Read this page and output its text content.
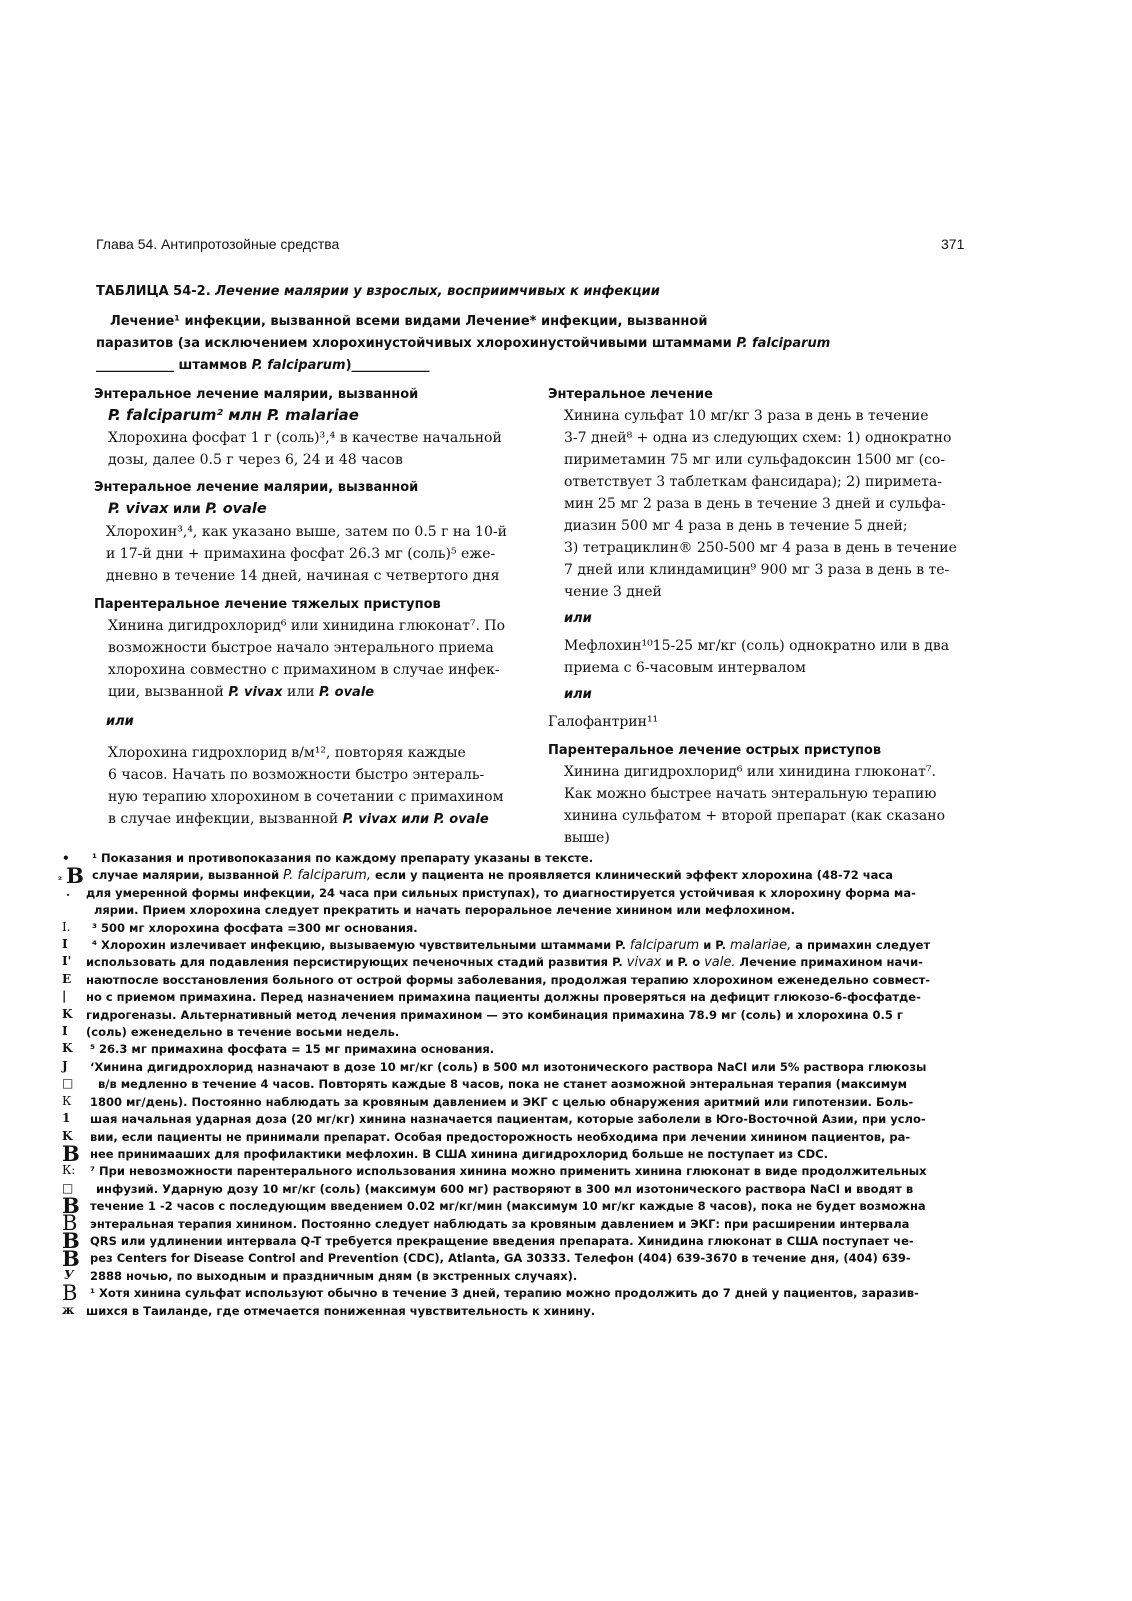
Глава 54. Антипротозойные средства	371
ТАБЛИЦА 54-2. Лечение малярии у взрослых, восприимчивых к инфекции
Лечение¹ инфекции, вызванной всеми видами Лечение* инфекции, вызванной
паразитов (за исключением хлорохинустойчивых хлорохинустойчивыми штаммами P. falciparum
____________ штаммов P. falciparum)____________
Энтеральное лечение малярии, вызванной
P. falciparum² млн P. malariae

Хлорохина фосфат 1 г (соль)³,⁴ в качестве начальной

дозы, далее 0.5 г через 6, 24 и 48 часов

Энтеральное лечение малярии, вызванной
P. vivax или P. ovale

Хлорохин³,⁴, как указано выше, затем по 0.5 г на 10-й

и 17-й дни + примахина фосфат 26.3 мг (соль)⁵ еже-

дневно в течение 14 дней, начиная с четвертого дня

Парентеральное лечение тяжелых приступов

Хинина дигидрохлорид⁶ или хинидина глюконат⁷. По

возможности быстрое начало энтерального приема

хлорохина совместно с примахином в случае инфек-

ции, вызванной P. vivax или P. ovale

или

Хлорохина гидрохлорид в/м¹², повторяя каждые

6 часов. Начать по возможности быстро энтераль-

ную терапию хлорохином в сочетании с примахином

в случае инфекции, вызванной P. vivax или P. ovale

Энтеральное лечение

Хинина сульфат 10 мг/кг 3 раза в день в течение

3-7 дней⁸ + одна из следующих схем: 1) однократно

пириметамин 75 мг или сульфадоксин 1500 мг (со-

ответствует 3 таблеткам фансидара); 2) пиримета-

мин 25 мг 2 раза в день в течение 3 дней и сульфа-

диазин 500 мг 4 раза в день в течение 5 дней;

3) тетрациклин® 250-500 мг 4 раза в день в течение

7 дней или клиндамицин⁹ 900 мг 3 раза в день в те-

чение 3 дней

или

Мефлохин¹⁰15-25 мг/кг (соль) однократно или в два

приема с 6-часовым интервалом

или
Галофантрин¹¹
Парентеральное лечение острых приступов

Хинина дигидрохлорид⁶ или хинидина глюконат⁷.

Как можно быстрее начать энтеральную терапию

хинина сульфатом + второй препарат (как сказано

выше)

•
² В
.
I.
I
I'
E
|
K
I
K
J
□
К
1
K
В
К:
□
В
В
В
В
У
В
ж
¹ Показания и противопоказания по каждому препарату указаны в тексте.
случае малярии, вызванной P. falciparum, если у пациента не проявляется клинический эффект хлорохина (48-72 часа
для умеренной формы инфекции, 24 часа при сильных приступах), то диагностируется устойчивая к хлорохину форма ма-
лярии. Прием хлорохина следует прекратить и начать пероральное лечение хинином или мефлохином.
³ 500 мг хлорохина фосфата =300 мг основания.
⁴ Хлорохин излечивает инфекцию, вызываемую чувствительными штаммами P. falciparum и P. malariae, а примахин следует
использовать для подавления персистирующих печеночных стадий развития P. vivax и P. о vale. Лечение примахином начи-
наютпосле восстановления больного от острой формы заболевания, продолжая терапию хлорохином еженедельно совмест-
но с приемом примахина. Перед назначением примахина пациенты должны проверяться на дефицит глюкозо-6-фосфатде-
гидрогеназы. Альтернативный метод лечения примахином — это комбинация примахина 78.9 мг (соль) и хлорохина 0.5 г
(соль) еженедельно в течение восьми недель.
⁵ 26.3 мг примахина фосфата = 15 мг примахина основания.
‘Хинина дигидрохлорид назначают в дозе 10 мг/кг (соль) в 500 мл изотонического раствора NaCI или 5% раствора глюкозы
в/в медленно в течение 4 часов. Повторять каждые 8 часов, пока не станет аозможной энтеральная терапия (максимум
1800 мг/день). Постоянно наблюдать за кровяным давлением и ЭКГ с целью обнаружения аритмий или гипотензии. Боль-
шая начальная ударная доза (20 мг/кг) хинина назначается пациентам, которые заболели в Юго-Восточной Азии, при усло-
вии, если пациенты не принимали препарат. Особая предосторожность необходима при лечении хинином пациентов, ра-
нее принимааших для профилактики мефлохин. В США хинина дигидрохлорид больше не поступает из CDC.
⁷ При невозможности парентерального использования хинина можно применить хинина глюконат в виде продолжительных
инфузий. Ударную дозу 10 мг/кг (соль) (максимум 600 мг) растворяют в 300 мл изотонического раствора NaCI и вводят в
течение 1 -2 часов с последующим введением 0.02 мг/кг/мин (максимум 10 мг/кг каждые 8 часов), пока не будет возможна
энтеральная терапия хинином. Постоянно следует наблюдать за кровяным давлением и ЭКГ: при расширении интервала
QRS или удлинении интервала Q-T требуется прекращение введения препарата. Хинидина глюконат в США поступает че-
рез Centers for Disease Control and Prevention (CDC), Atlanta, GA 30333. Телефон (404) 639-3670 в течение дня, (404) 639-
2888 ночью, по выходным и праздничным дням (в экстренных случаях).
¹ Хотя хинина сульфат используют обычно в течение 3 дней, терапию можно продолжить до 7 дней у пациентов, заразив-
шихся в Таиланде, где отмечается пониженная чувствительность к хинину.
